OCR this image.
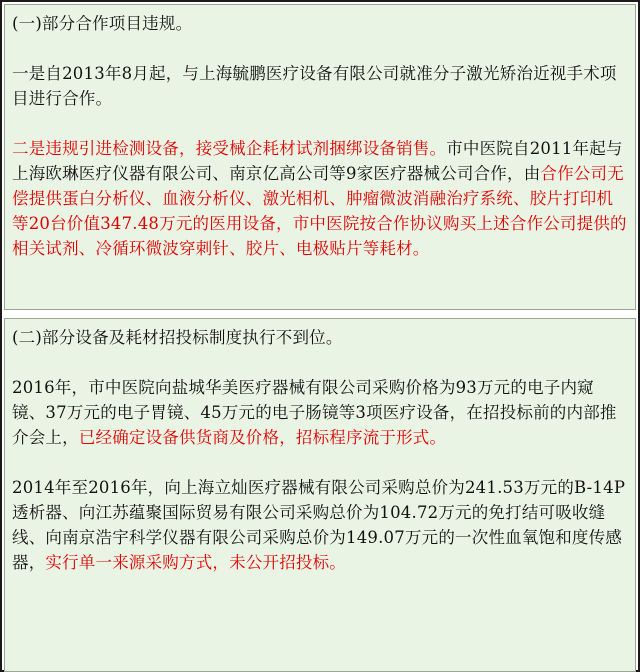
(一)部分合作项目违规。

一是自2013年8月起，与上海毓鹏医疗设备有限公司就准分子激光矫治近视手术项目进行合作。

二是违规引进检测设备，接受械企耗材试剂捆绑设备销售。市中医院自2011年起与上海欧琳医疗仪器有限公司、南京亿高公司等9家医疗器械公司合作，由合作公司无偿提供蛋白分析仪、血液分析仪、激光相机、肿瘤微波消融治疗系统、胶片打印机等20台价值347.48万元的医用设备，市中医院按合作协议购买上述合作公司提供的相关试剂、冷循环微波穿刺针、胶片、电极贴片等耗材。

(二)部分设备及耗材招投标制度执行不到位。

2016年，市中医院向盐城华美医疗器械有限公司采购价格为93万元的电子内窥镜、37万元的电子胃镜、45万元的电子肠镜等3项医疗设备，在招投标前的内部推介会上，已经确定设备供货商及价格，招标程序流于形式。

2014年至2016年，向上海立灿医疗器械有限公司采购总价为241.53万元的B-14P透析器、向江苏蕴聚国际贸易有限公司采购总价为104.72万元的免打结可吸收缝线、向南京浩宇科学仪器有限公司采购总价为149.07万元的一次性血氧饱和度传感器，实行单一来源采购方式，未公开招投标。
